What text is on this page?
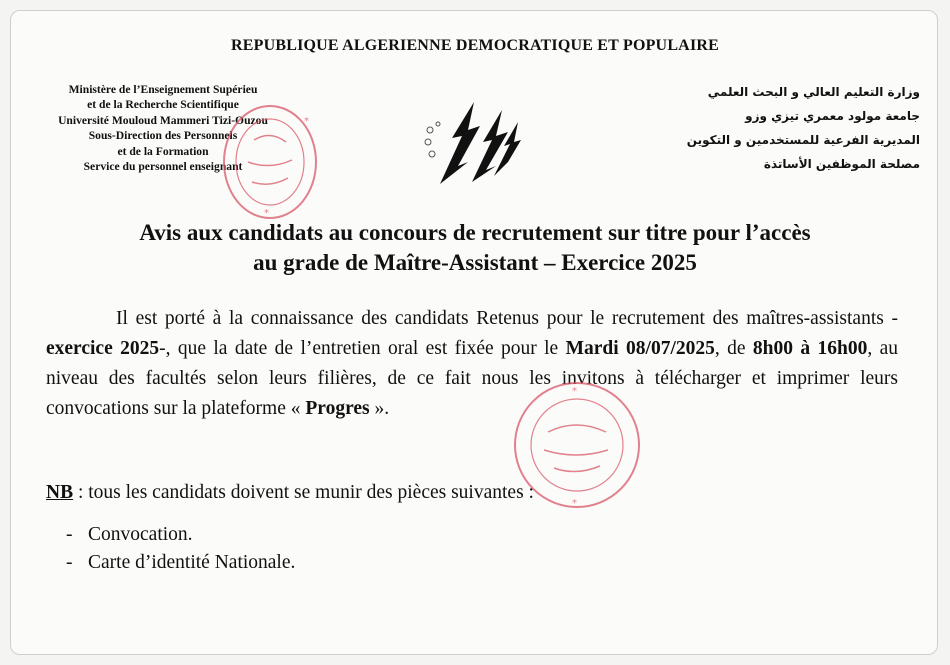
REPUBLIQUE ALGERIENNE DEMOCRATIQUE ET POPULAIRE
Ministère de l’Enseignement Supérieu
et de la Recherche Scientifique
Université Mouloud Mammeri Tizi-Ouzou
Sous-Direction des Personnels
et de la Formation
Service du personnel enseignant
وزارة التعليم العالي و البحث العلمي
جامعة مولود معمري تيزي وزو
المديرية الفرعية للمستخدمين و التكوين
مصلحة الموظفين الأساتذة
*
*
Avis aux candidats au concours de recrutement sur titre pour l’accès
au grade de Maître-Assistant – Exercice 2025
Il est porté à la connaissance des candidats Retenus pour le recrutement des maîtres-assistants -exercice 2025-, que la date de l’entretien oral est fixée pour le Mardi 08/07/2025, de 8h00 à 16h00, au niveau des facultés selon leurs filières, de ce fait nous les invitons à télécharger et imprimer leurs convocations sur la plateforme « Progres ».
*
*
NB : tous les candidats doivent se munir des pièces suivantes :
- Convocation.
- Carte d’identité Nationale.
